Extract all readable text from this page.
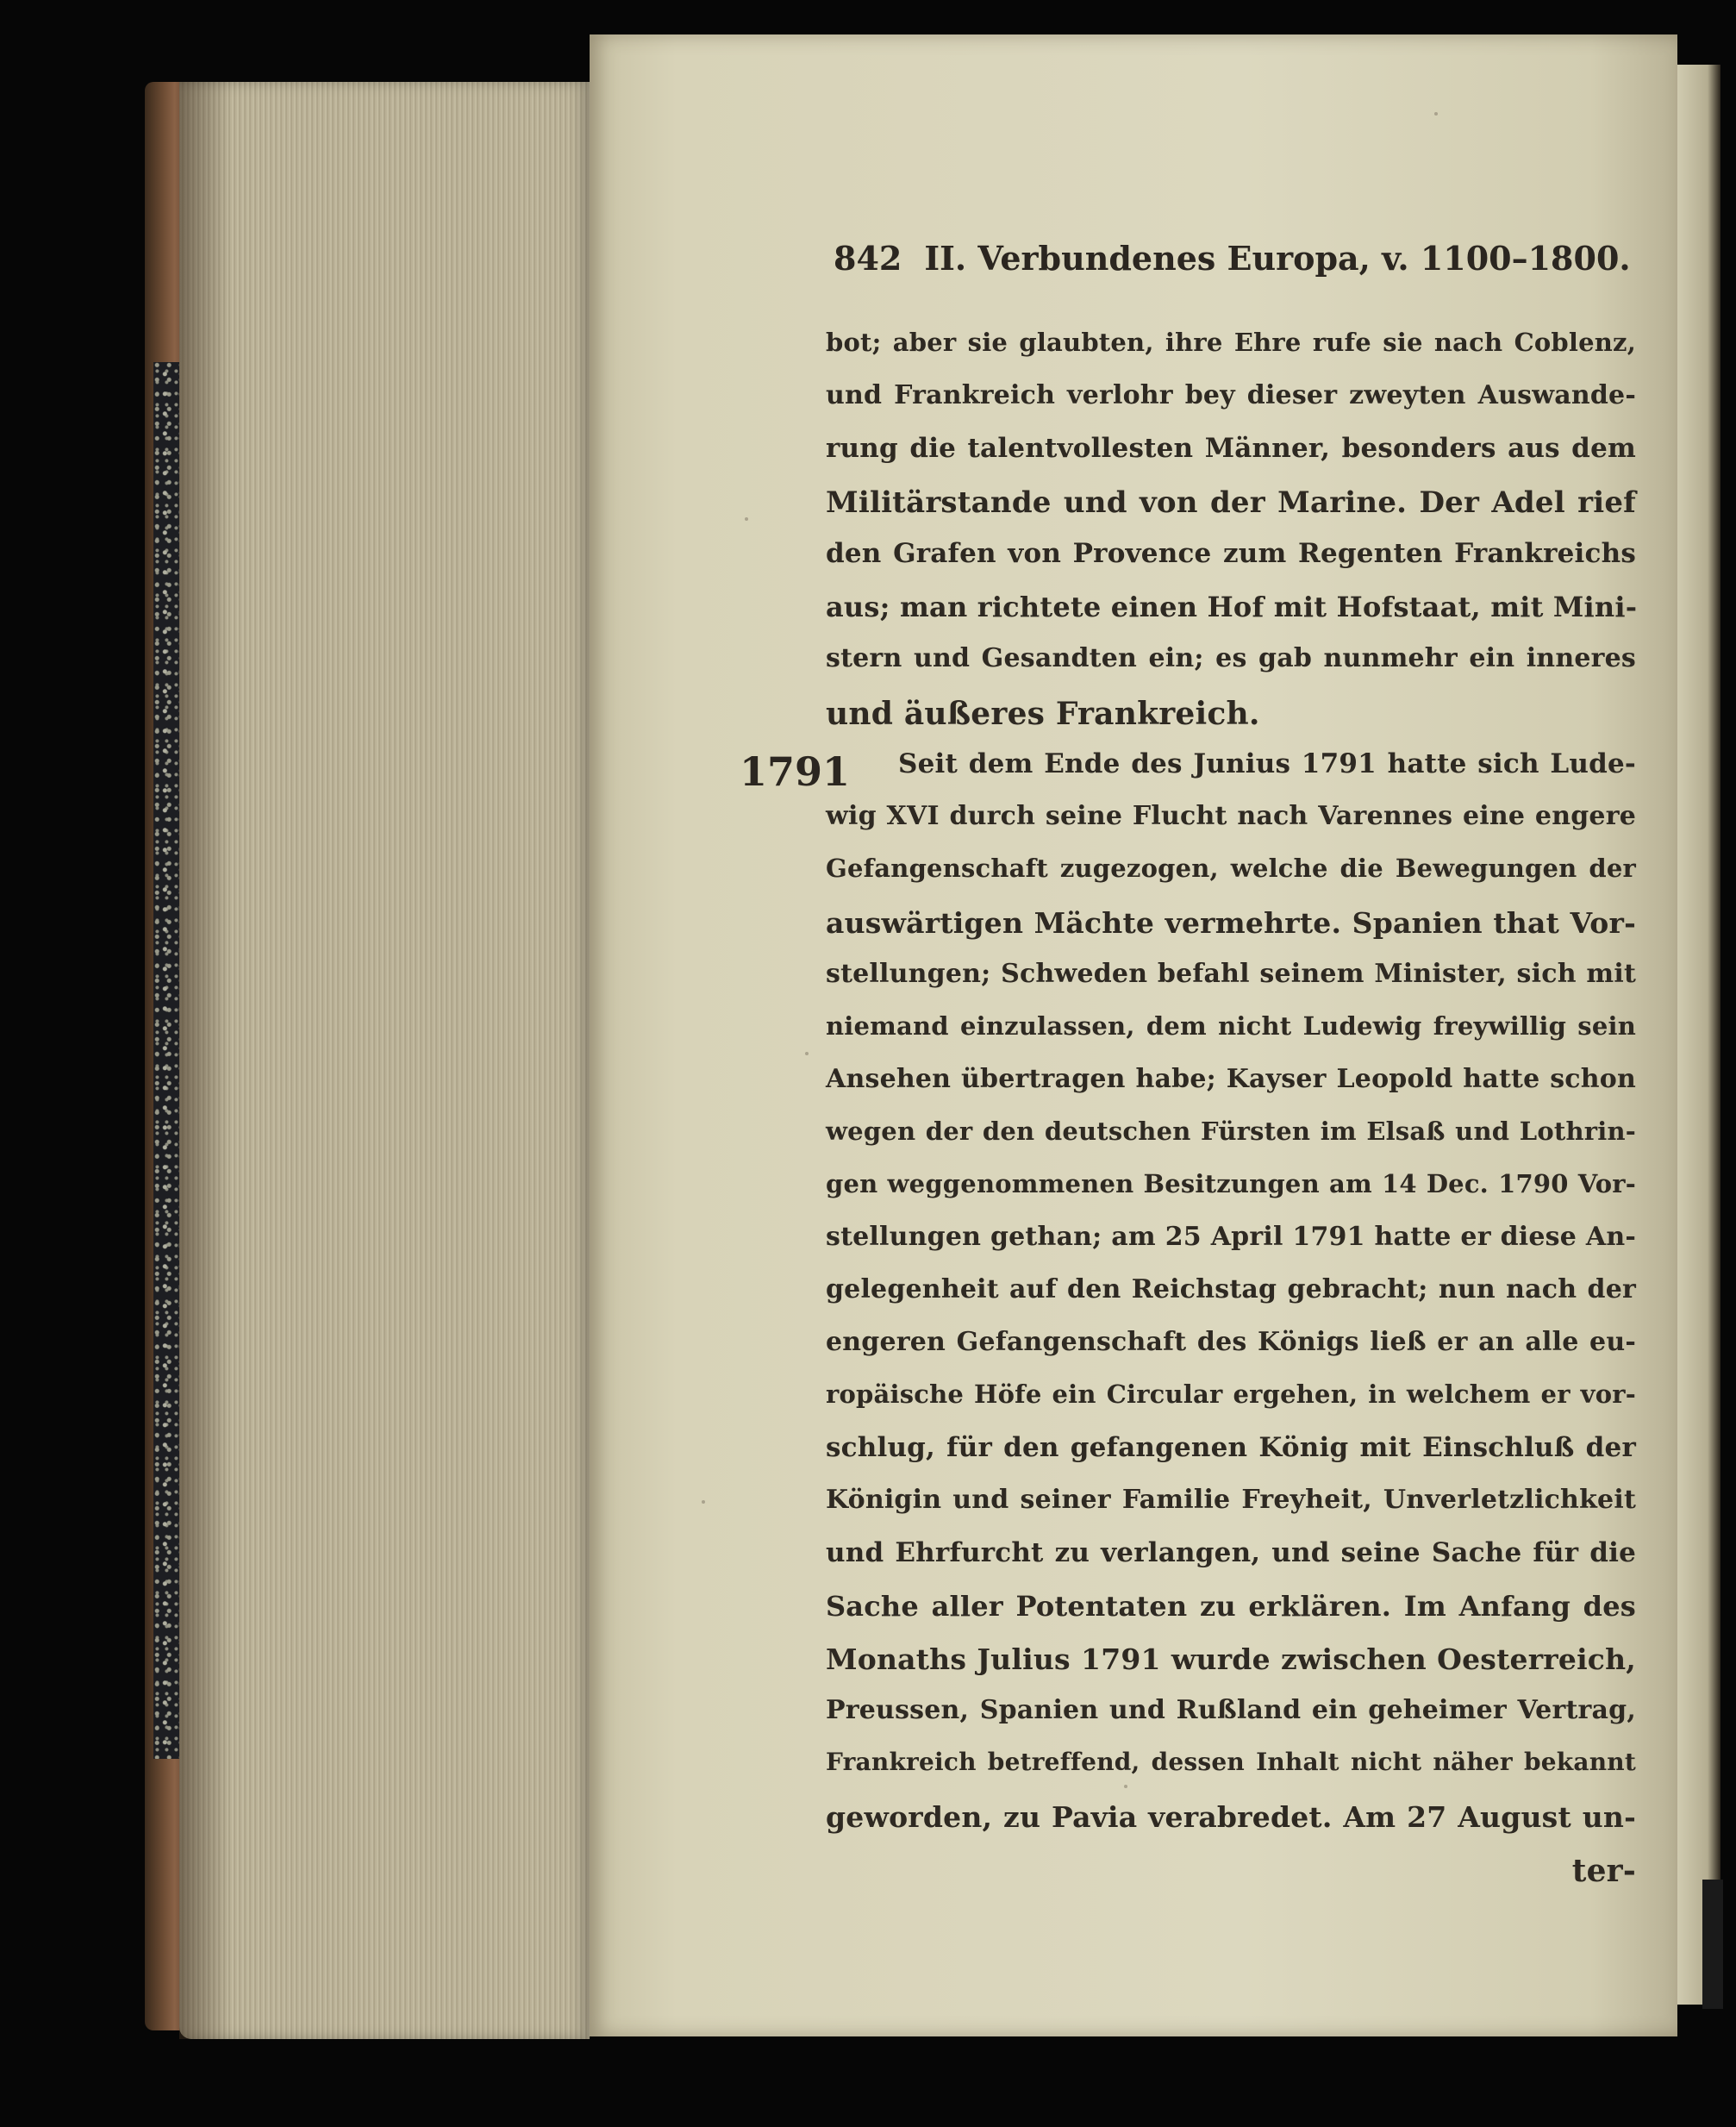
842 II. Verbundenes Europa, v. 1100–1800.
1791
bot; aber sie glaubten, ihre Ehre rufe sie nach Coblenz,
und Frankreich verlohr bey dieser zweyten Auswande-
rung die talentvollesten Männer, besonders aus dem
Militärstande und von der Marine. Der Adel rief
den Grafen von Provence zum Regenten Frankreichs
aus; man richtete einen Hof mit Hofstaat, mit Mini-
stern und Gesandten ein; es gab nunmehr ein inneres
und äußeres Frankreich.
Seit dem Ende des Junius 1791 hatte sich Lude-
wig XVI durch seine Flucht nach Varennes eine engere
Gefangenschaft zugezogen, welche die Bewegungen der
auswärtigen Mächte vermehrte. Spanien that Vor-
stellungen; Schweden befahl seinem Minister, sich mit
niemand einzulassen, dem nicht Ludewig freywillig sein
Ansehen übertragen habe; Kayser Leopold hatte schon
wegen der den deutschen Fürsten im Elsaß und Lothrin-
gen weggenommenen Besitzungen am 14 Dec. 1790 Vor-
stellungen gethan; am 25 April 1791 hatte er diese An-
gelegenheit auf den Reichstag gebracht; nun nach der
engeren Gefangenschaft des Königs ließ er an alle eu-
ropäische Höfe ein Circular ergehen, in welchem er vor-
schlug, für den gefangenen König mit Einschluß der
Königin und seiner Familie Freyheit, Unverletzlichkeit
und Ehrfurcht zu verlangen, und seine Sache für die
Sache aller Potentaten zu erklären. Im Anfang des
Monaths Julius 1791 wurde zwischen Oesterreich,
Preussen, Spanien und Rußland ein geheimer Vertrag,
Frankreich betreffend, dessen Inhalt nicht näher bekannt
geworden, zu Pavia verabredet. Am 27 August un-
ter-
